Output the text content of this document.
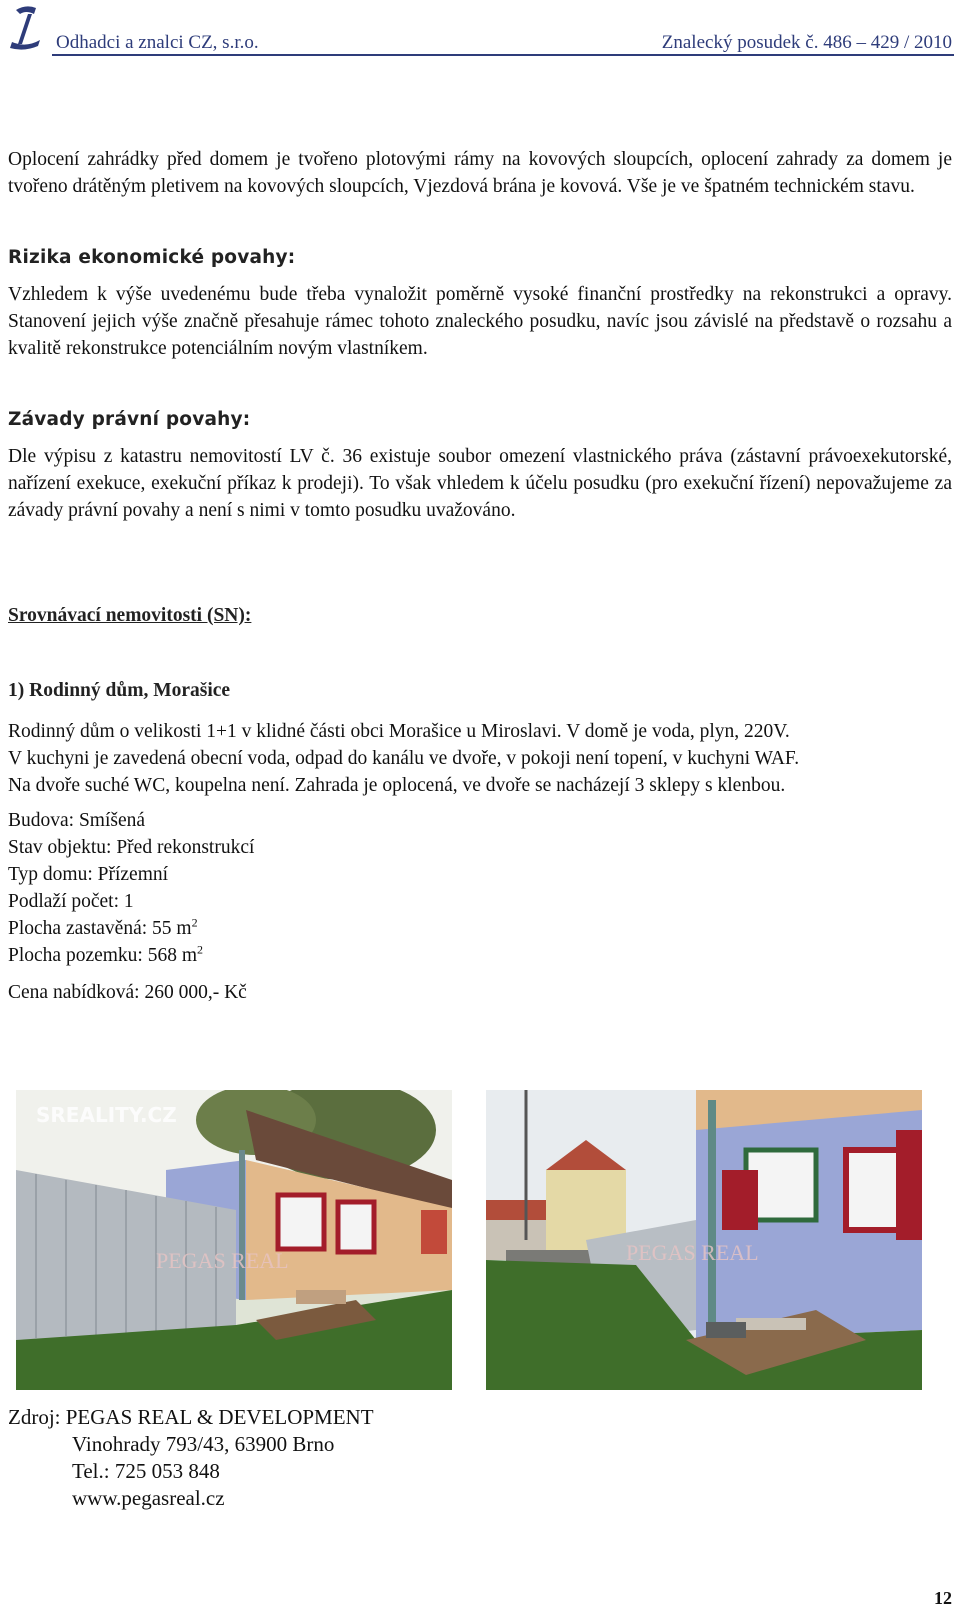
Odhadci a znalci CZ, s.r.o.	Znalecký posudek č. 486 – 429 / 2010

Oplocení zahrádky před domem je tvořeno plotovými rámy na kovových sloupcích, oplocení zahrady za domem je tvořeno drátěným pletivem na kovových sloupcích, Vjezdová brána je kovová. Vše je ve špatném technickém stavu.

Rizika ekonomické povahy:

Vzhledem k výše uvedenému bude třeba vynaložit poměrně vysoké finanční prostředky na rekonstrukci a opravy. Stanovení jejich výše značně přesahuje rámec tohoto znaleckého posudku, navíc jsou závislé na představě o rozsahu a kvalitě rekonstrukce potenciálním novým vlastníkem.

Závady právní povahy:

Dle výpisu z katastru nemovitostí LV č. 36 existuje soubor omezení vlastnického práva (zástavní právoexekutorské, nařízení exekuce, exekuční příkaz k prodeji). To však vhledem k účelu posudku (pro exekuční řízení) nepovažujeme za závady právní povahy a není s nimi v tomto posudku uvažováno.

Srovnávací nemovitosti (SN):
1) Rodinný dům, Morašice

Rodinný dům o velikosti 1+1 v klidné části obci Morašice u Miroslavi. V domě je voda, plyn, 220V.

V kuchyni je zavedená obecní voda, odpad do kanálu ve dvoře, v pokoji není topení, v kuchyni WAF.

Na dvoře suché WC, koupelna není. Zahrada je oplocená, ve dvoře se nacházejí 3 sklepy s klenbou.

Budova: Smíšená

Stav objektu: Před rekonstrukcí

Typ domu: Přízemní

Podlaží počet: 1

Plocha zastavěná: 55 $m^2$

Plocha pozemku: 568 $m^2$

Cena nabídková: 260 000,- Kč

SREALITY.CZ
PEGAS REAL	PEGAS REAL
Zdroj: PEGAS REAL & DEVELOPMENT
Vinohrady 793/43, 63900 Brno
Tel.: 725 053 848
www.pegasreal.cz
12
